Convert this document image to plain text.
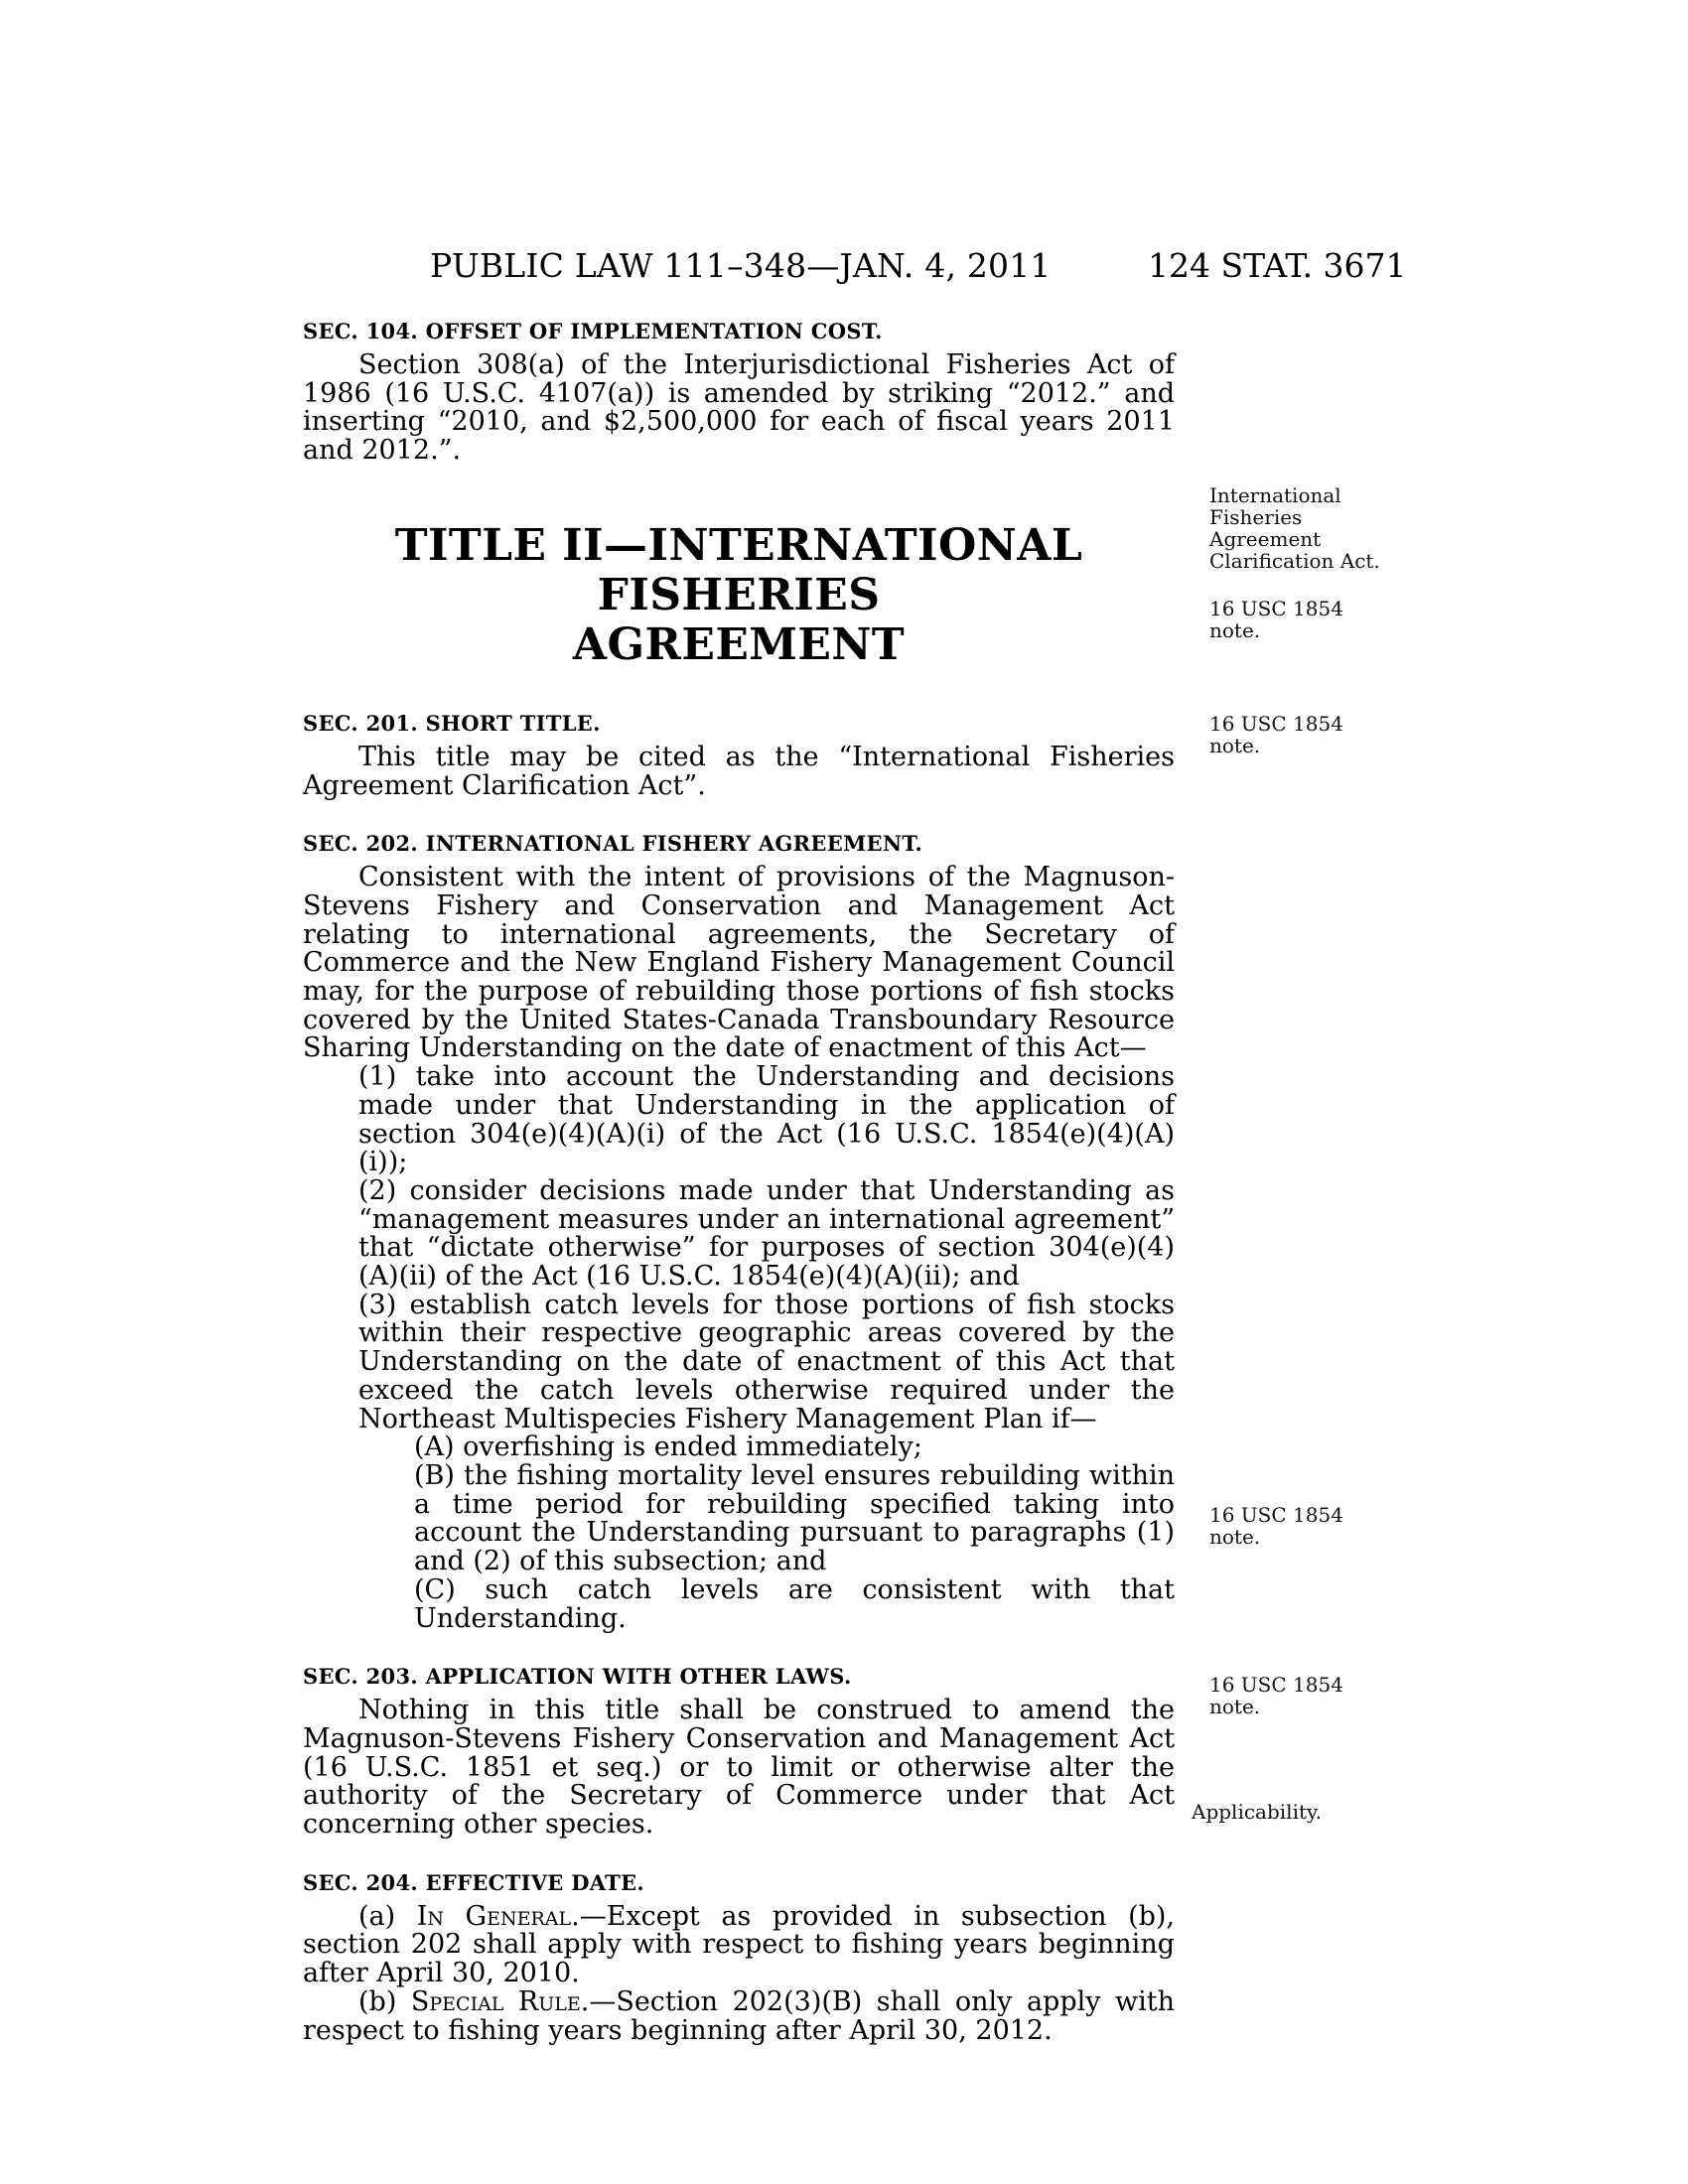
PUBLIC LAW 111–348—JAN. 4, 2011	124 STAT. 3671
SEC. 104. OFFSET OF IMPLEMENTATION COST.

Section 308(a) of the Interjurisdictional Fisheries Act of 1986 (16 U.S.C. 4107(a)) is amended by striking “2012.” and inserting “2010, and $2,500,000 for each of fiscal years 2011 and 2012.”.

TITLE II—INTERNATIONAL FISHERIES
AGREEMENT
SEC. 201. SHORT TITLE.

This title may be cited as the “International Fisheries Agreement Clarification Act”.

SEC. 202. INTERNATIONAL FISHERY AGREEMENT.

Consistent with the intent of provisions of the Magnuson-Stevens Fishery and Conservation and Management Act relating to international agreements, the Secretary of Commerce and the New England Fishery Management Council may, for the purpose of rebuilding those portions of fish stocks covered by the United States-Canada Transboundary Resource Sharing Understanding on the date of enactment of this Act—

(1) take into account the Understanding and decisions made under that Understanding in the application of section 304(e)(4)(A)(i) of the Act (16 U.S.C. 1854(e)(4)(A)(i));

(2) consider decisions made under that Understanding as “management measures under an international agreement” that “dictate otherwise” for purposes of section 304(e)(4)(A)(ii) of the Act (16 U.S.C. 1854(e)(4)(A)(ii); and

(3) establish catch levels for those portions of fish stocks within their respective geographic areas covered by the Understanding on the date of enactment of this Act that exceed the catch levels otherwise required under the Northeast Multispecies Fishery Management Plan if—

(A) overfishing is ended immediately;

(B) the fishing mortality level ensures rebuilding within a time period for rebuilding specified taking into account the Understanding pursuant to paragraphs (1) and (2) of this subsection; and

(C) such catch levels are consistent with that Understanding.

SEC. 203. APPLICATION WITH OTHER LAWS.

Nothing in this title shall be construed to amend the Magnuson-Stevens Fishery Conservation and Management Act (16 U.S.C. 1851 et seq.) or to limit or otherwise alter the authority of the Secretary of Commerce under that Act concerning other species.

SEC. 204. EFFECTIVE DATE.

(a) In General.—Except as provided in subsection (b), section 202 shall apply with respect to fishing years beginning after April 30, 2010.

(b) Special Rule.—Section 202(3)(B) shall only apply with respect to fishing years beginning after April 30, 2012.

International Fisheries Agreement Clarification Act.
16 USC 1854 note.
16 USC 1854 note.
16 USC 1854 note.
16 USC 1854 note.
Applicability.
